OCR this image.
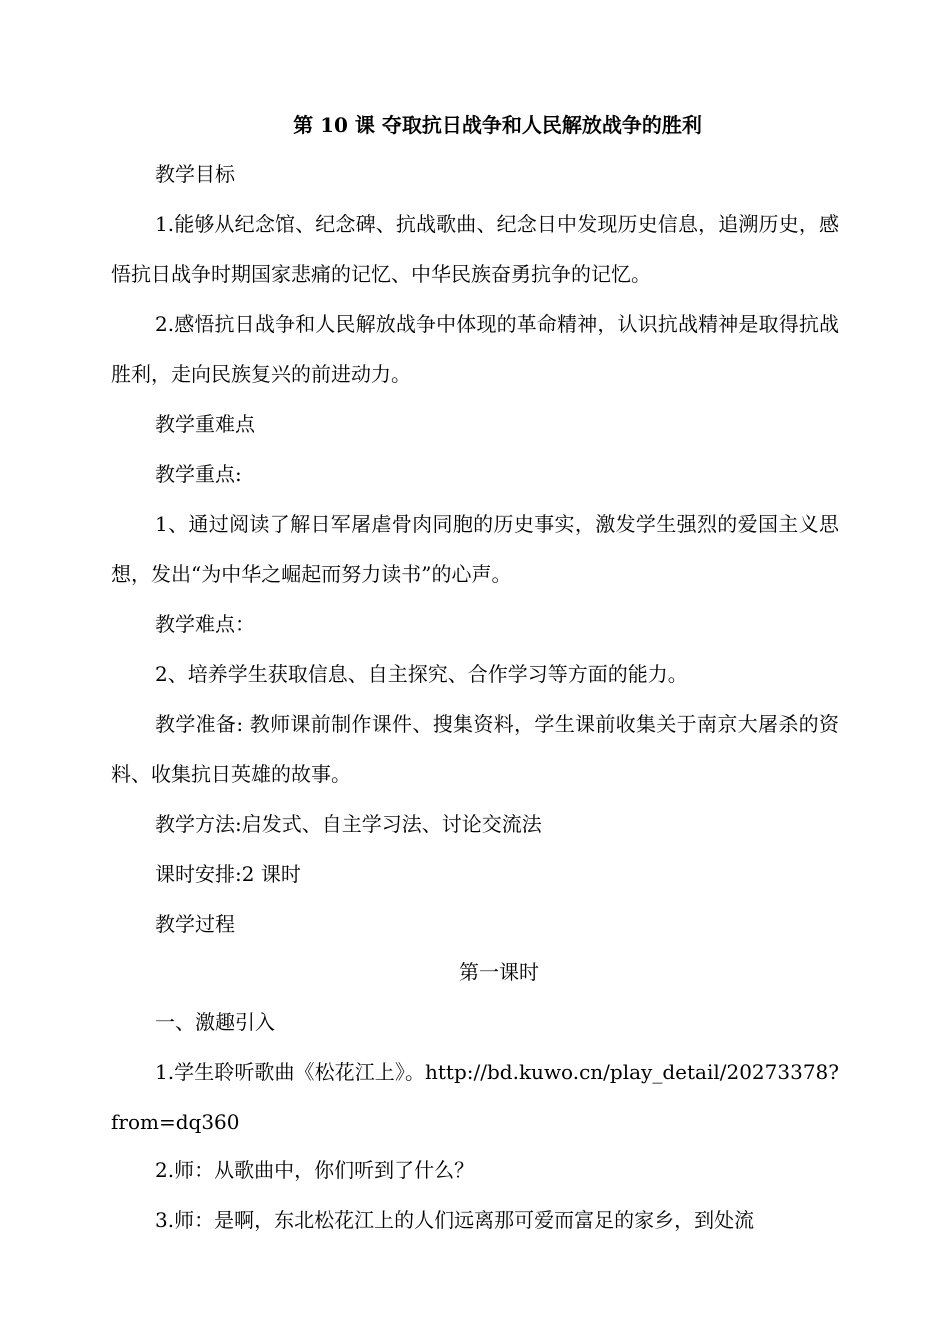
第 10 课 夺取抗日战争和人民解放战争的胜利
教学目标
1.能够从纪念馆、纪念碑、抗战歌曲、纪念日中发现历史信息，追溯历史，感悟抗日战争时期国家悲痛的记忆、中华民族奋勇抗争的记忆。
2.感悟抗日战争和人民解放战争中体现的革命精神，认识抗战精神是取得抗战胜利，走向民族复兴的前进动力。
教学重难点
教学重点:
1、通过阅读了解日军屠虐骨肉同胞的历史事实，激发学生强烈的爱国主义思想，发出“为中华之崛起而努力读书”的心声。
教学难点：
2、培养学生获取信息、自主探究、合作学习等方面的能力。
教学准备: 教师课前制作课件、搜集资料，学生课前收集关于南京大屠杀的资料、收集抗日英雄的故事。
教学方法:启发式、自主学习法、讨论交流法
课时安排:2 课时
教学过程
第一课时
一、激趣引入
1.学生聆听歌曲《松花江上》。http://bd.kuwo.cn/play_detail/20273378?from=dq360
2.师：从歌曲中，你们听到了什么？
3.师：是啊，东北松花江上的人们远离那可爱而富足的家乡，到处流
